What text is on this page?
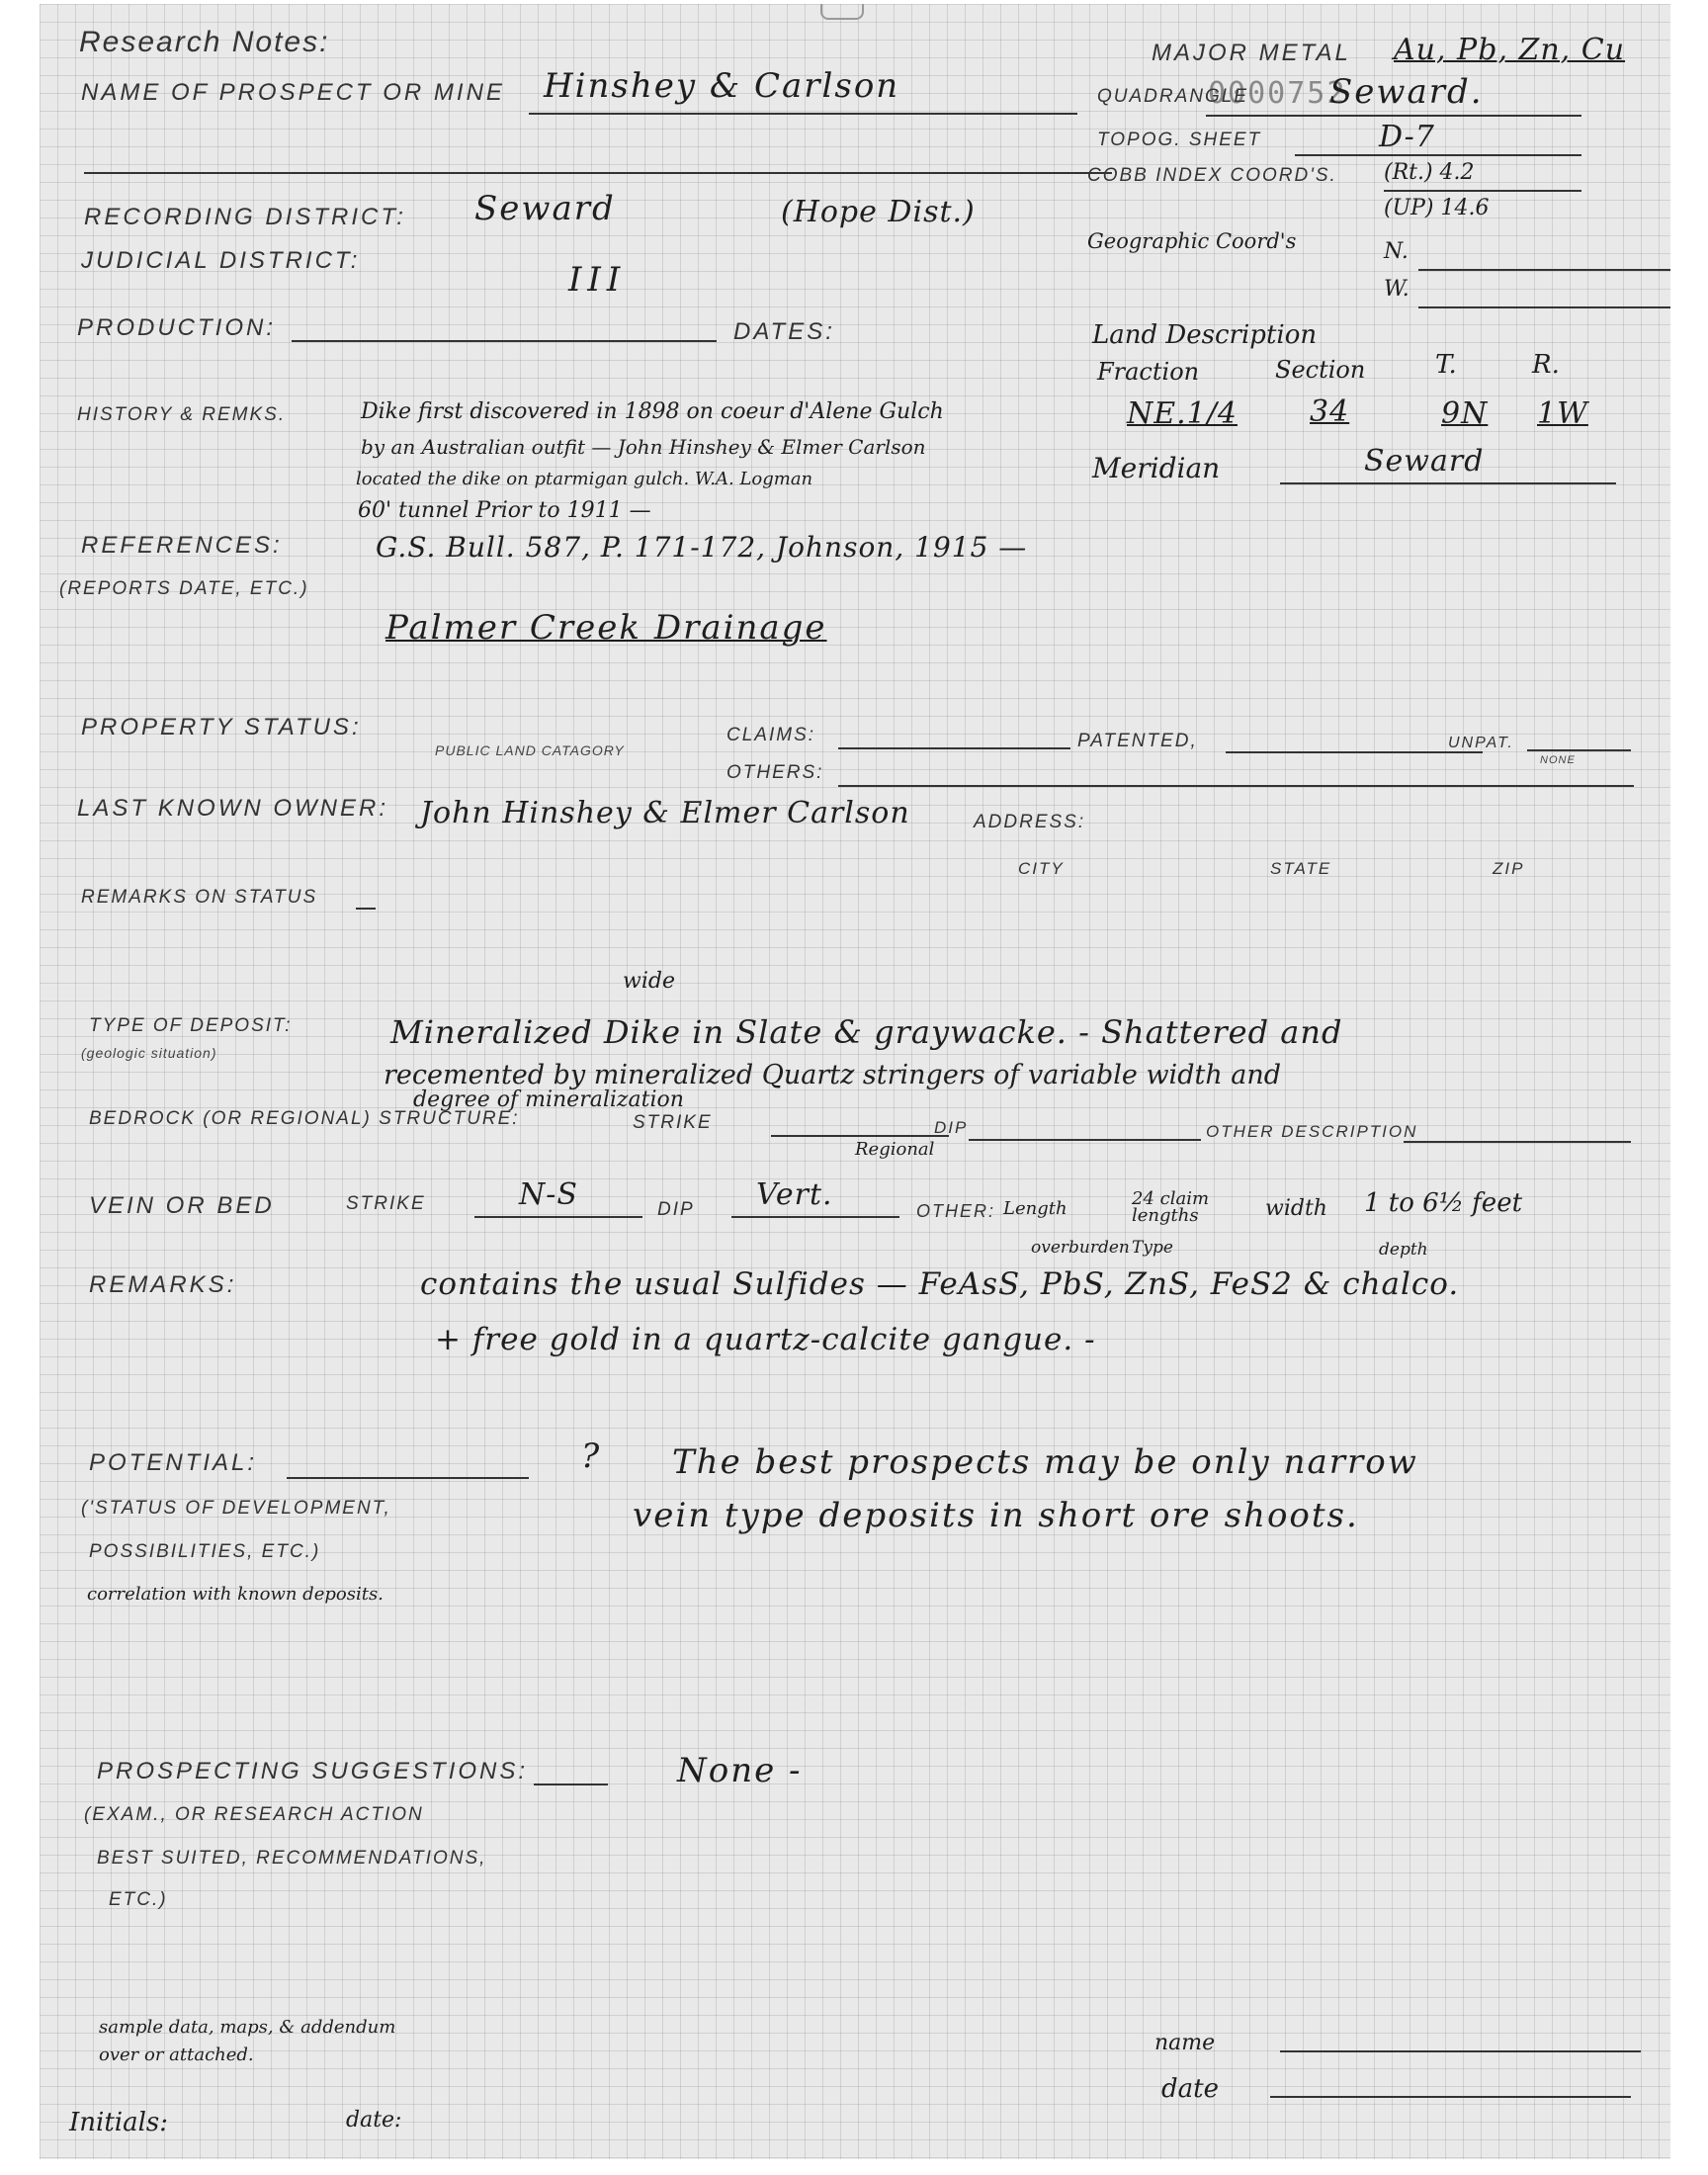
Research Notes:
NAME OF PROSPECT OR MINE Hinshey & Carlson
MAJOR METAL Au, Pb, Zn, Cu
QUADRANGLE
0000752
Seward.
TOPOG. SHEET	D-7
COBB INDEX COORD'S. (Rt.) 4.2
(UP) 14.6
Geographic Coord's	N.
W.
RECORDING DISTRICT: Seward	(Hope Dist.)
JUDICIAL DISTRICT:	III
PRODUCTION:	DATES:	Land Description
Fraction	Section	T.	R.
NE.1/4 34	9N 1W
Meridian	Seward
HISTORY & REMKS.	Dike first discovered in 1898 on coeur d'Alene Gulch
by an Australian outfit — John Hinshey & Elmer Carlson
located the dike on ptarmigan gulch. W.A. Logman
60' tunnel Prior to 1911 —
REFERENCES:
(REPORTS DATE, ETC.)
G.S. Bull. 587, P. 171-172, Johnson, 1915 —
Palmer Creek Drainage
PROPERTY STATUS:
PUBLIC LAND CATAGORY
CLAIMS:	PATENTED,	UNPAT.
NONE
OTHERS:
LAST KNOWN OWNER: John Hinshey & Elmer Carlson	ADDRESS:
CITY	STATE	ZIP
REMARKS ON STATUS
TYPE OF DEPOSIT:
(geologic situation)
wide
Mineralized Dike in Slate & graywacke. - Shattered and
recemented by mineralized Quartz stringers of variable width and
degree of mineralization
BEDROCK (OR REGIONAL) STRUCTURE:	STRIKE	DIP
Regional
OTHER DESCRIPTION
VEIN OR BED	STRIKE	N-S	DIP Vert.	OTHER: Length	24 claim lengths	width 1 to 6½ feet
overburden Type	depth
REMARKS:	contains the usual Sulfides — FeAsS, PbS, ZnS, FeS2 & chalco.
+ free gold in a quartz-calcite gangue. -
POTENTIAL:
('STATUS OF DEVELOPMENT,
POSSIBILITIES, ETC.)
correlation with known deposits.
? The best prospects may be only narrow
vein type deposits in short ore shoots.
PROSPECTING SUGGESTIONS:
(EXAM., OR RESEARCH ACTION
BEST SUITED, RECOMMENDATIONS,
ETC.)
None -
sample data, maps, & addendum
over or attached.	name
date
Initials:	date:
